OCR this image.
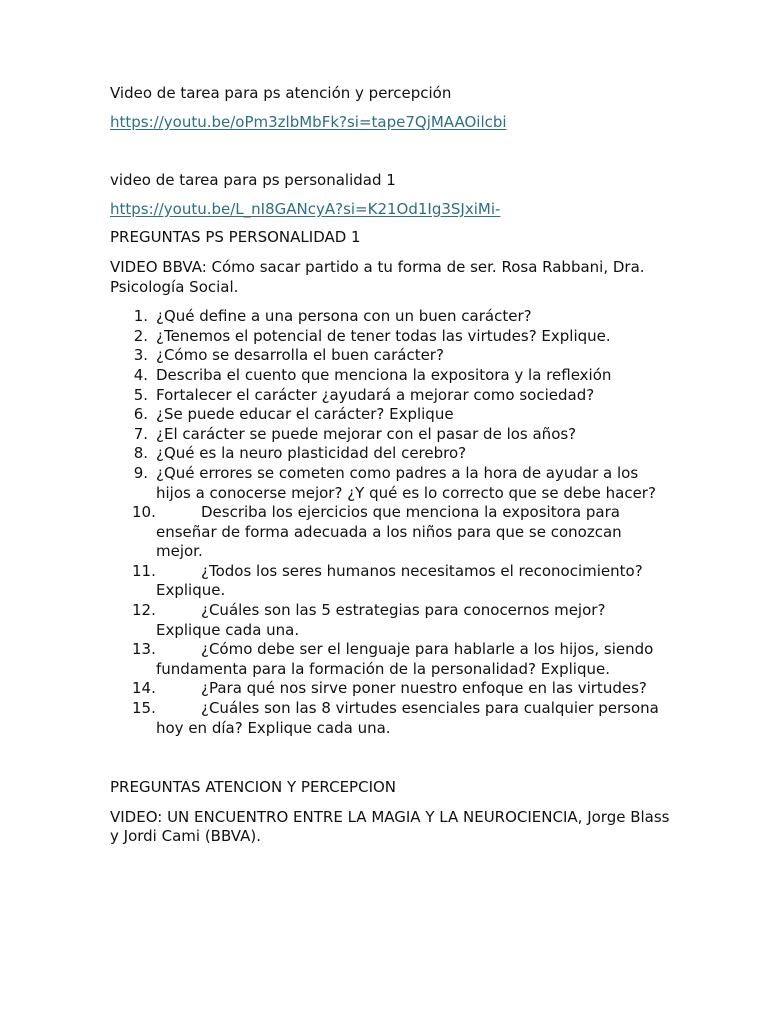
Video de tarea para ps atención y percepción

https://youtu.be/oPm3zlbMbFk?si=tape7QjMAAOilcbi

video de tarea para ps personalidad 1

https://youtu.be/L_nI8GANcyA?si=K21Od1Ig3SJxiMi-

PREGUNTAS PS PERSONALIDAD 1

VIDEO BBVA: Cómo sacar partido a tu forma de ser. Rosa Rabbani, Dra. Psicología Social.

1. ¿Qué define a una persona con un buen carácter?
2. ¿Tenemos el potencial de tener todas las virtudes? Explique.
3. ¿Cómo se desarrolla el buen carácter?
4. Describa el cuento que menciona la expositora y la reflexión
5. Fortalecer el carácter ¿ayudará a mejorar como sociedad?
6. ¿Se puede educar el carácter? Explique
7. ¿El carácter se puede mejorar con el pasar de los años?
8. ¿Qué es la neuro plasticidad del cerebro?
9. ¿Qué errores se cometen como padres a la hora de ayudar a los hijos a conocerse mejor? ¿Y qué es lo correcto que se debe hacer?
10.	Describa los ejercicios que menciona la expositora para enseñar de forma adecuada a los niños para que se conozcan mejor.
11.	¿Todos los seres humanos necesitamos el reconocimiento? Explique.
12.	¿Cuáles son las 5 estrategias para conocernos mejor? Explique cada una.
13.	¿Cómo debe ser el lenguaje para hablarle a los hijos, siendo fundamenta para la formación de la personalidad? Explique.
14.	¿Para qué nos sirve poner nuestro enfoque en las virtudes?
15.	¿Cuáles son las 8 virtudes esenciales para cualquier persona hoy en día? Explique cada una.

PREGUNTAS ATENCION Y PERCEPCION

VIDEO: UN ENCUENTRO ENTRE LA MAGIA Y LA NEUROCIENCIA, Jorge Blass y Jordi Cami (BBVA).
